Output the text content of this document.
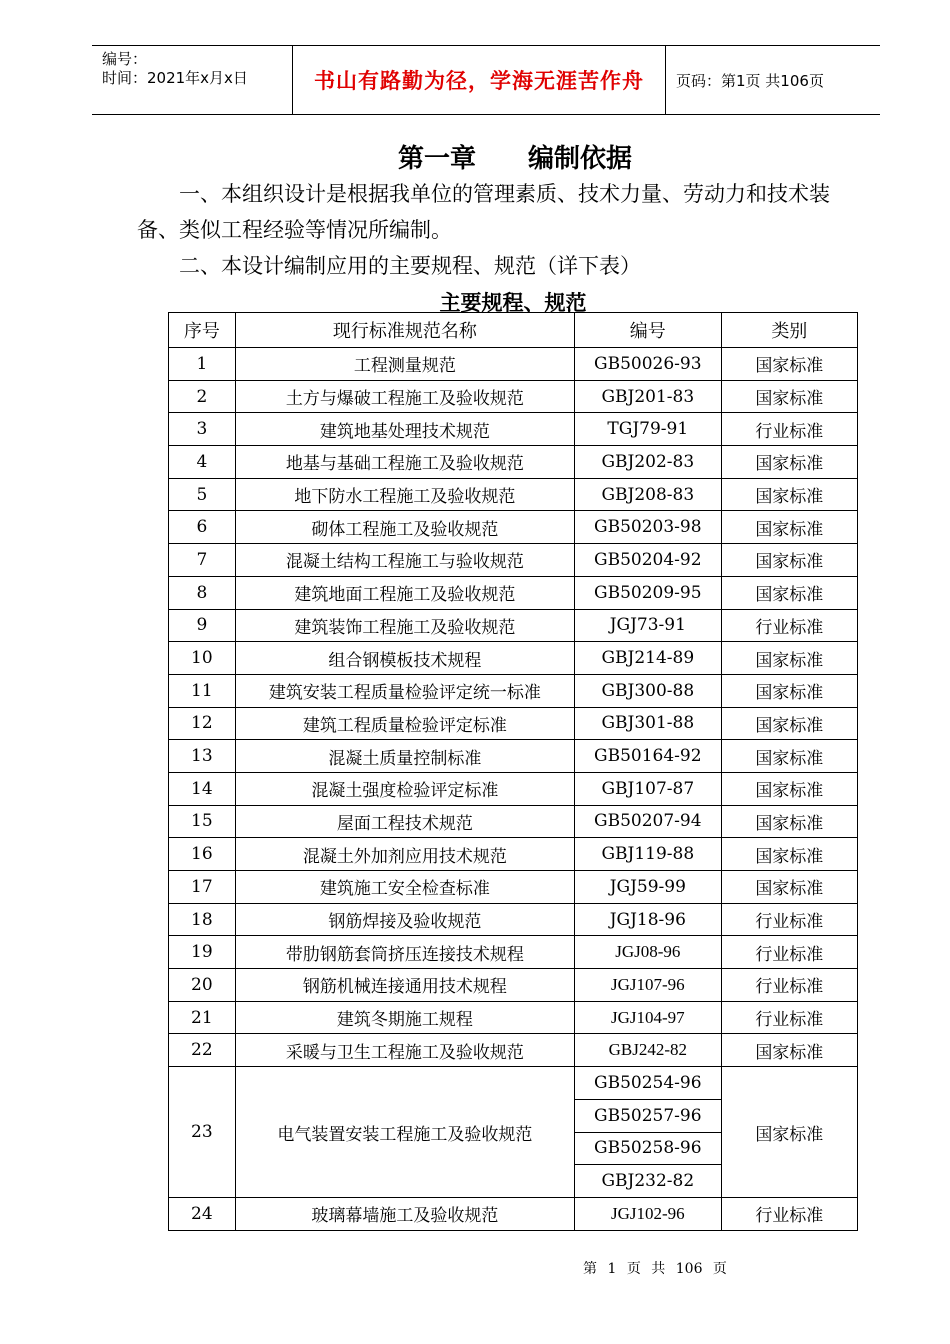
编号：
时间：2021年x月x日	书山有路勤为径，学海无涯苦作舟	页码：第1页 共106页
第一章 编制依据
一、本组织设计是根据我单位的管理素质、技术力量、劳动力和技术装备、类似工程经验等情况所编制。
二、本设计编制应用的主要规程、规范（详下表）
主要规程、规范
序号	现行标准规范名称	编号	类别
1	工程测量规范	GB50026-93	国家标准
2	土方与爆破工程施工及验收规范	GBJ201-83	国家标准
3	建筑地基处理技术规范	TGJ79-91	行业标准
4	地基与基础工程施工及验收规范	GBJ202-83	国家标准
5	地下防水工程施工及验收规范	GBJ208-83	国家标准
6	砌体工程施工及验收规范	GB50203-98	国家标准
7	混凝土结构工程施工与验收规范	GB50204-92	国家标准
8	建筑地面工程施工及验收规范	GB50209-95	国家标准
9	建筑装饰工程施工及验收规范	JGJ73-91	行业标准
10	组合钢模板技术规程	GBJ214-89	国家标准
11	建筑安装工程质量检验评定统一标准	GBJ300-88	国家标准
12	建筑工程质量检验评定标准	GBJ301-88	国家标准
13	混凝土质量控制标准	GB50164-92	国家标准
14	混凝土强度检验评定标准	GBJ107-87	国家标准
15	屋面工程技术规范	GB50207-94	国家标准
16	混凝土外加剂应用技术规范	GBJ119-88	国家标准
17	建筑施工安全检查标准	JGJ59-99	国家标准
18	钢筋焊接及验收规范	JGJ18-96	行业标准
19	带肋钢筋套筒挤压连接技术规程	JGJ08-96	行业标准
20	钢筋机械连接通用技术规程	JGJ107-96	行业标准
21	建筑冬期施工规程	JGJ104-97	行业标准
22	采暖与卫生工程施工及验收规范	GBJ242-82	国家标准
23	电气装置安装工程施工及验收规范	GB50254-96	国家标准
		GB50257-96	
		GB50258-96	
		GBJ232-82	
24	玻璃幕墙施工及验收规范	JGJ102-96	行业标准
第 1 页 共 106 页
